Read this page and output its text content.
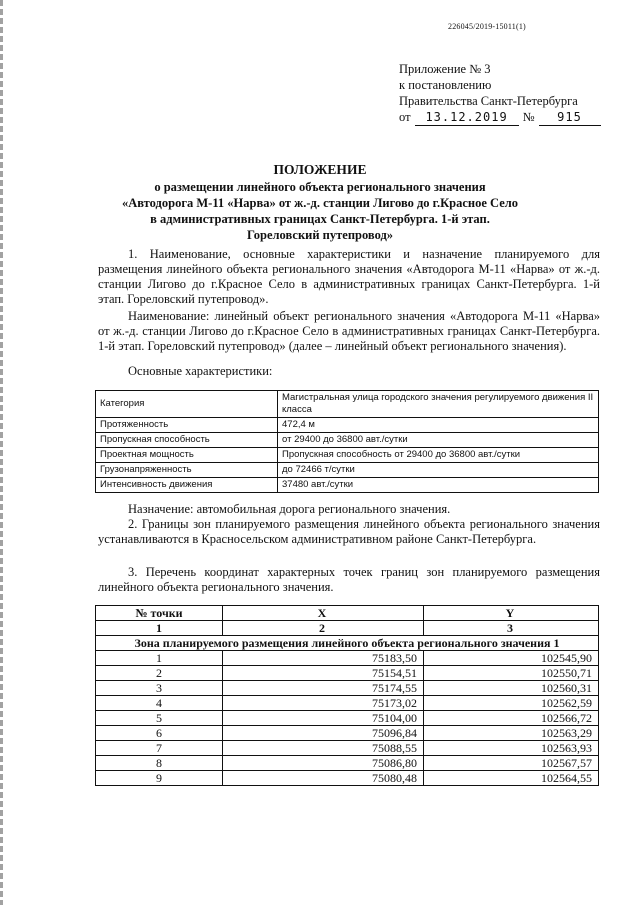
226045/2019-15011(1)
Приложение № 3
к постановлению
Правительства Санкт-Петербурга
от	13.12.2019	№	915
ПОЛОЖЕНИЕ
о размещении линейного объекта регионального значения
«Автодорога М-11 «Нарва» от ж.-д. станции Лигово до г.Красное Село
в административных границах Санкт-Петербурга. 1-й этап.
Гореловский путепровод»
1. Наименование, основные характеристики и назначение планируемого для размещения линейного объекта регионального значения «Автодорога М-11 «Нарва» от ж.-д. станции Лигово до г.Красное Село в административных границах Санкт-Петербурга. 1-й этап. Гореловский путепровод».
Наименование: линейный объект регионального значения «Автодорога М-11 «Нарва» от ж.-д. станции Лигово до г.Красное Село в административных границах Санкт-Петербурга. 1-й этап. Гореловский путепровод» (далее – линейный объект регионального значения).
Основные характеристики:
Категория	Магистральная улица городского значения регулируемого движения II класса
Протяженность	472,4 м
Пропускная способность	от 29400 до 36800 авт./сутки
Проектная мощность	Пропускная способность от 29400 до 36800 авт./сутки
Грузонапряженность	до 72466 т/сутки
Интенсивность движения	37480 авт./сутки
Назначение: автомобильная дорога регионального значения.
2. Границы зон планируемого размещения линейного объекта регионального значения устанавливаются в Красносельском административном районе Санкт-Петербурга.
3. Перечень координат характерных точек границ зон планируемого размещения линейного объекта регионального значения.
№ точки	X	Y
1	2	3
Зона планируемого размещения линейного объекта регионального значения 1		
1	75183,50	102545,90
2	75154,51	102550,71
3	75174,55	102560,31
4	75173,02	102562,59
5	75104,00	102566,72
6	75096,84	102563,29
7	75088,55	102563,93
8	75086,80	102567,57
9	75080,48	102564,55
